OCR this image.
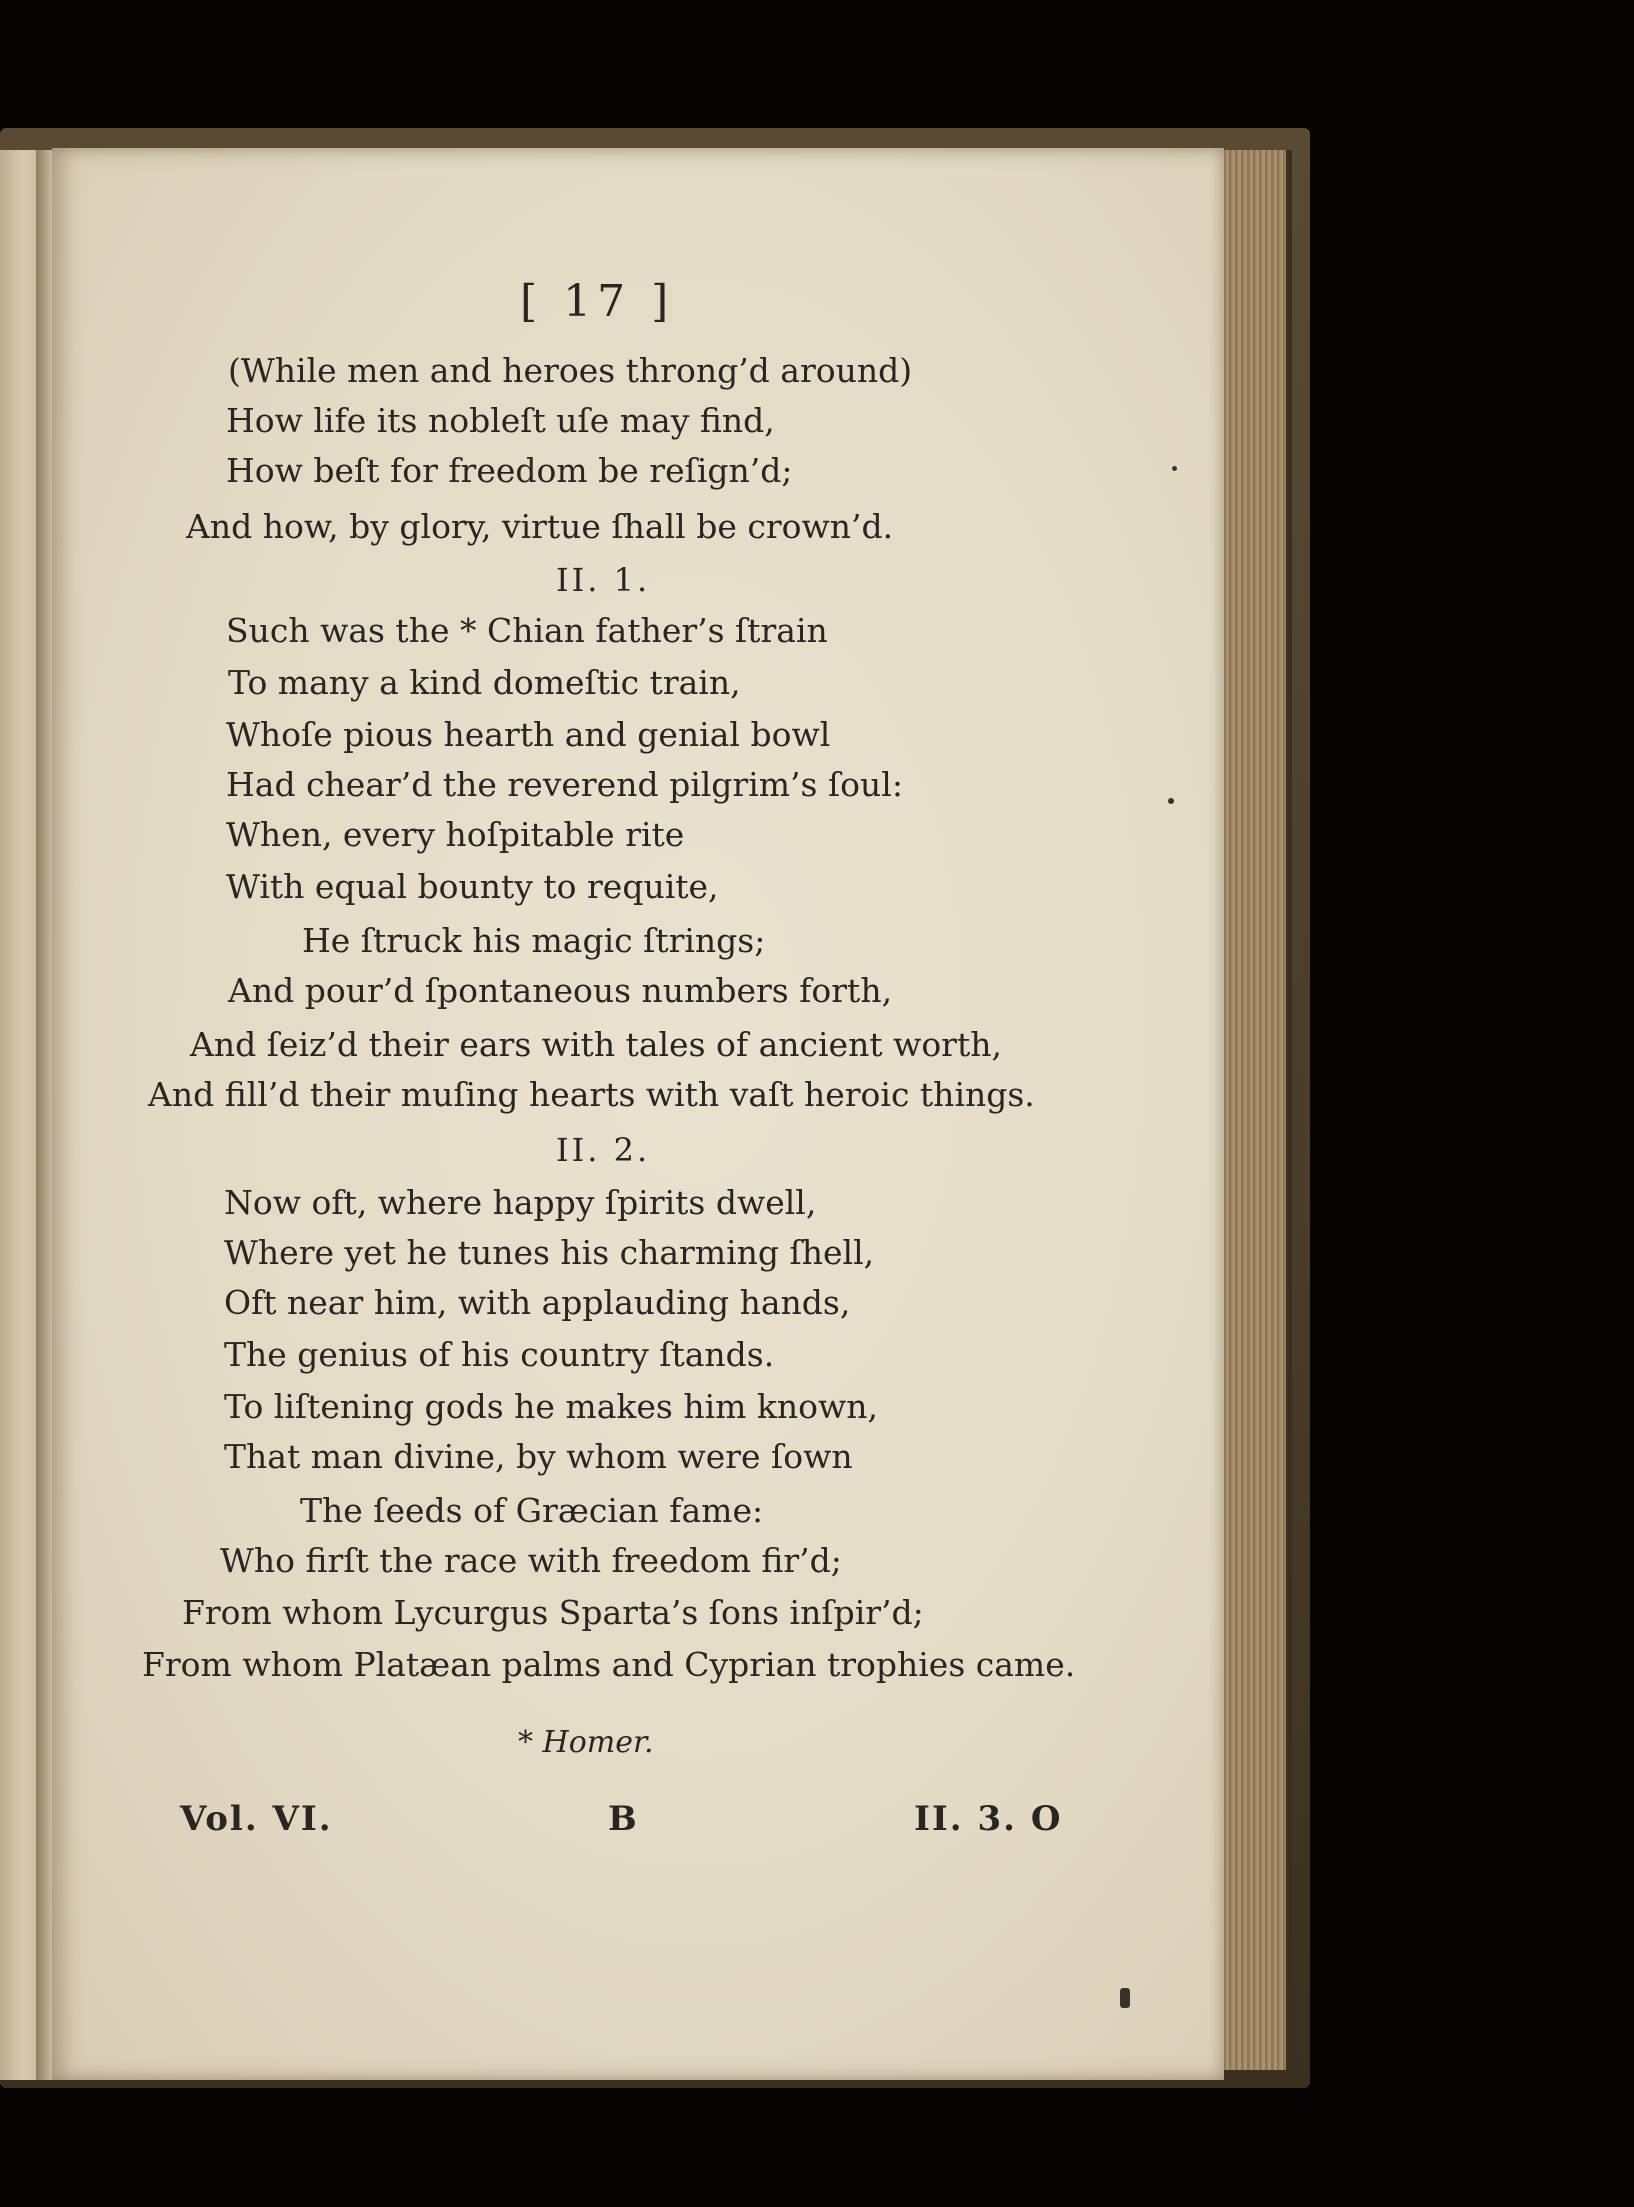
[ 17 ]
(While men and heroes throng’d around)
How life its nobleſt uſe may find,
How beſt for freedom be reſign’d;
And how, by glory, virtue ſhall be crown’d.
II. 1.
Such was the * Chian father’s ſtrain
To many a kind domeſtic train,
Whoſe pious hearth and genial bowl
Had chear’d the reverend pilgrim’s ſoul:
When, every hoſpitable rite
With equal bounty to requite,
He ſtruck his magic ſtrings;
And pour’d ſpontaneous numbers forth,
And ſeiz’d their ears with tales of ancient worth,
And fill’d their muſing hearts with vaſt heroic things.
II. 2.
Now oft, where happy ſpirits dwell,
Where yet he tunes his charming ſhell,
Oft near him, with applauding hands,
The genius of his country ſtands.
To liſtening gods he makes him known,
That man divine, by whom were ſown
The ſeeds of Græcian fame:
Who firſt the race with freedom fir’d;
From whom Lycurgus Sparta’s ſons inſpir’d;
From whom Platæan palms and Cyprian trophies came.
* Homer.
Vol. VI.	B	II. 3. O
